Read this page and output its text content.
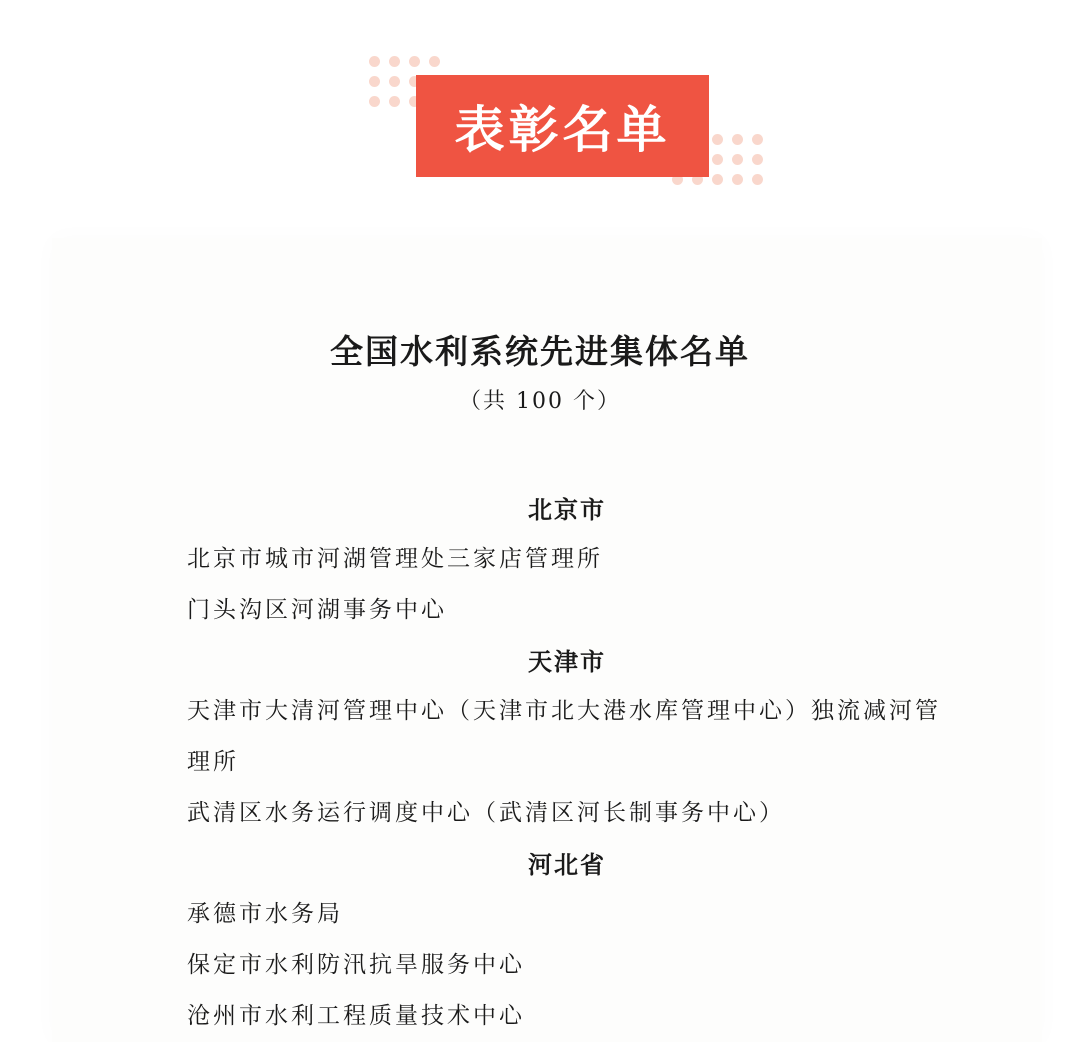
表彰名单
全国水利系统先进集体名单
（共 100 个）
北京市
北京市城市河湖管理处三家店管理所
门头沟区河湖事务中心
天津市
天津市大清河管理中心（天津市北大港水库管理中心）独流减河管
理所
武清区水务运行调度中心（武清区河长制事务中心）
河北省
承德市水务局
保定市水利防汛抗旱服务中心
沧州市水利工程质量技术中心
